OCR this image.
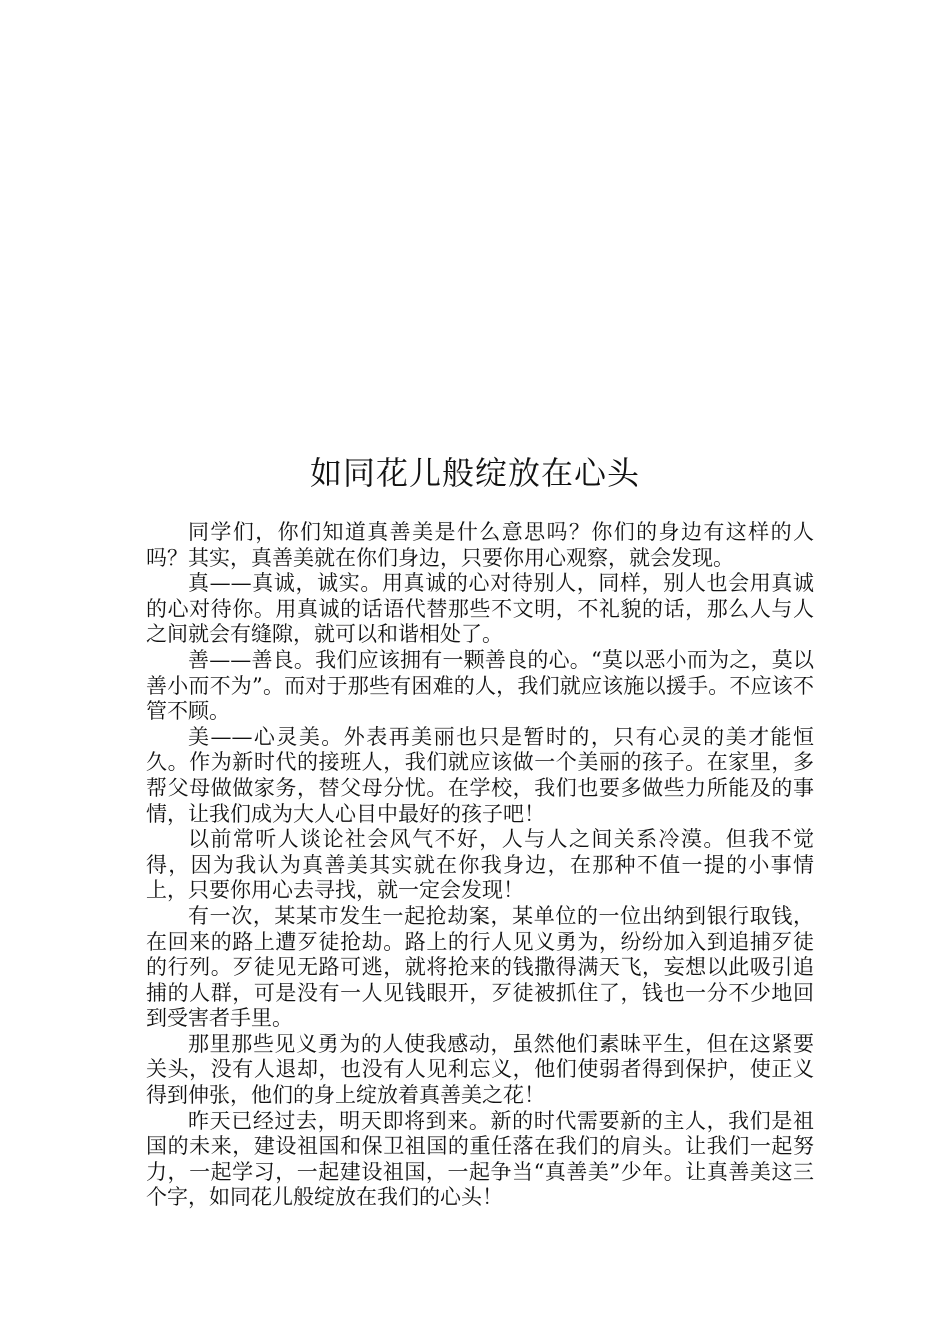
如同花儿般绽放在心头

同学们，你们知道真善美是什么意思吗？你们的身边有这样的人吗？其实，真善美就在你们身边，只要你用心观察，就会发现。

真——真诚，诚实。用真诚的心对待别人，同样，别人也会用真诚的心对待你。用真诚的话语代替那些不文明，不礼貌的话，那么人与人之间就会有缝隙，就可以和谐相处了。

善——善良。我们应该拥有一颗善良的心。“莫以恶小而为之，莫以善小而不为”。而对于那些有困难的人，我们就应该施以援手。不应该不管不顾。

美——心灵美。外表再美丽也只是暂时的，只有心灵的美才能恒久。作为新时代的接班人，我们就应该做一个美丽的孩子。在家里，多帮父母做做家务，替父母分忧。在学校，我们也要多做些力所能及的事情，让我们成为大人心目中最好的孩子吧！

以前常听人谈论社会风气不好，人与人之间关系冷漠。但我不觉得，因为我认为真善美其实就在你我身边，在那种不值一提的小事情上，只要你用心去寻找，就一定会发现！

有一次，某某市发生一起抢劫案，某单位的一位出纳到银行取钱，在回来的路上遭歹徒抢劫。路上的行人见义勇为，纷纷加入到追捕歹徒的行列。歹徒见无路可逃，就将抢来的钱撒得满天飞，妄想以此吸引追捕的人群，可是没有一人见钱眼开，歹徒被抓住了，钱也一分不少地回到受害者手里。

那里那些见义勇为的人使我感动，虽然他们素昧平生，但在这紧要关头，没有人退却，也没有人见利忘义，他们使弱者得到保护，使正义得到伸张，他们的身上绽放着真善美之花！

昨天已经过去，明天即将到来。新的时代需要新的主人，我们是祖国的未来，建设祖国和保卫祖国的重任落在我们的肩头。让我们一起努力，一起学习，一起建设祖国，一起争当“真善美”少年。让真善美这三个字，如同花儿般绽放在我们的心头！
